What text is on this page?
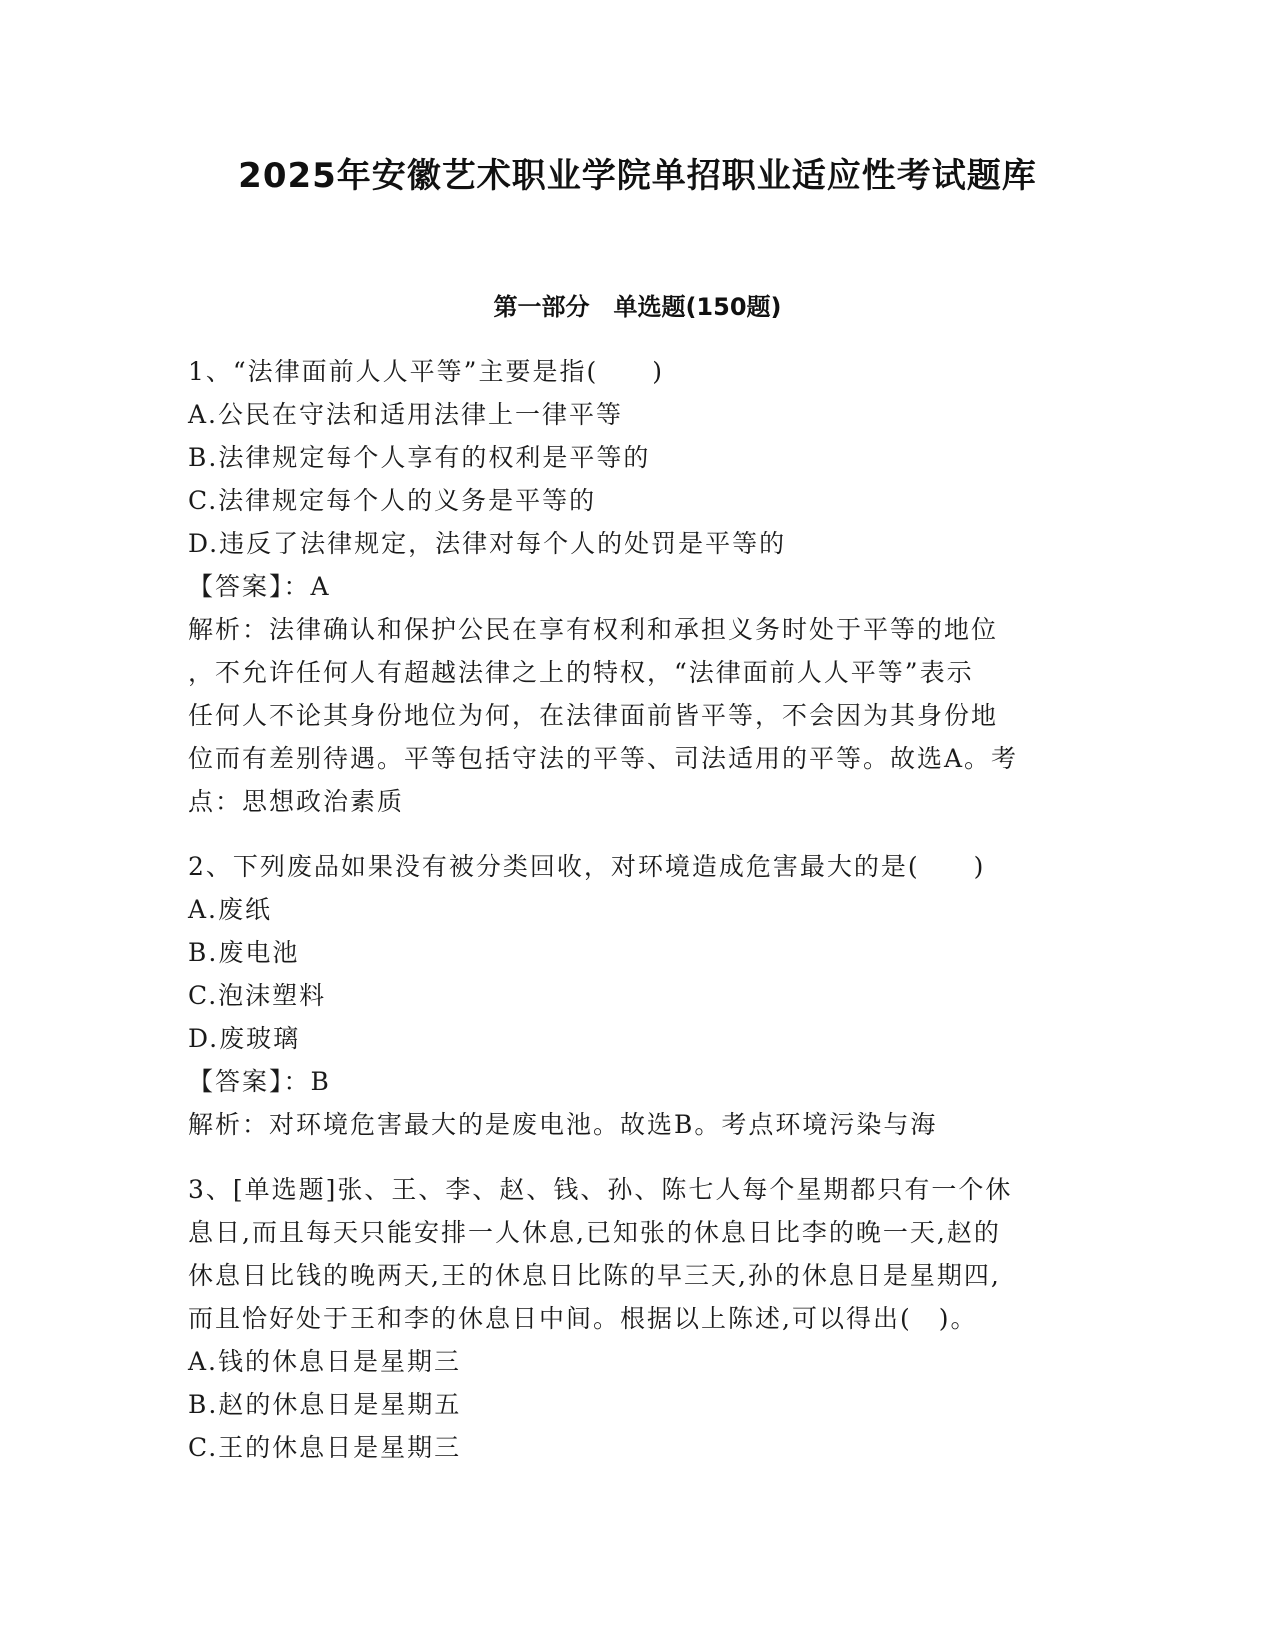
2025年安徽艺术职业学院单招职业适应性考试题库
第一部分　单选题(150题)
1、“法律面前人人平等”主要是指(　　)
A.公民在守法和适用法律上一律平等
B.法律规定每个人享有的权利是平等的
C.法律规定每个人的义务是平等的
D.违反了法律规定，法律对每个人的处罚是平等的
【答案】：A
解析：法律确认和保护公民在享有权利和承担义务时处于平等的地位
，不允许任何人有超越法律之上的特权，“法律面前人人平等”表示
任何人不论其身份地位为何，在法律面前皆平等，不会因为其身份地
位而有差别待遇。平等包括守法的平等、司法适用的平等。故选A。考
点：思想政治素质
2、下列废品如果没有被分类回收，对环境造成危害最大的是(　　)
A.废纸
B.废电池
C.泡沫塑料
D.废玻璃
【答案】：B
解析：对环境危害最大的是废电池。故选B。考点环境污染与海
3、[单选题]张、王、李、赵、钱、孙、陈七人每个星期都只有一个休
息日,而且每天只能安排一人休息,已知张的休息日比李的晚一天,赵的
休息日比钱的晚两天,王的休息日比陈的早三天,孙的休息日是星期四,
而且恰好处于王和李的休息日中间。根据以上陈述,可以得出(　)。
A.钱的休息日是星期三
B.赵的休息日是星期五
C.王的休息日是星期三
